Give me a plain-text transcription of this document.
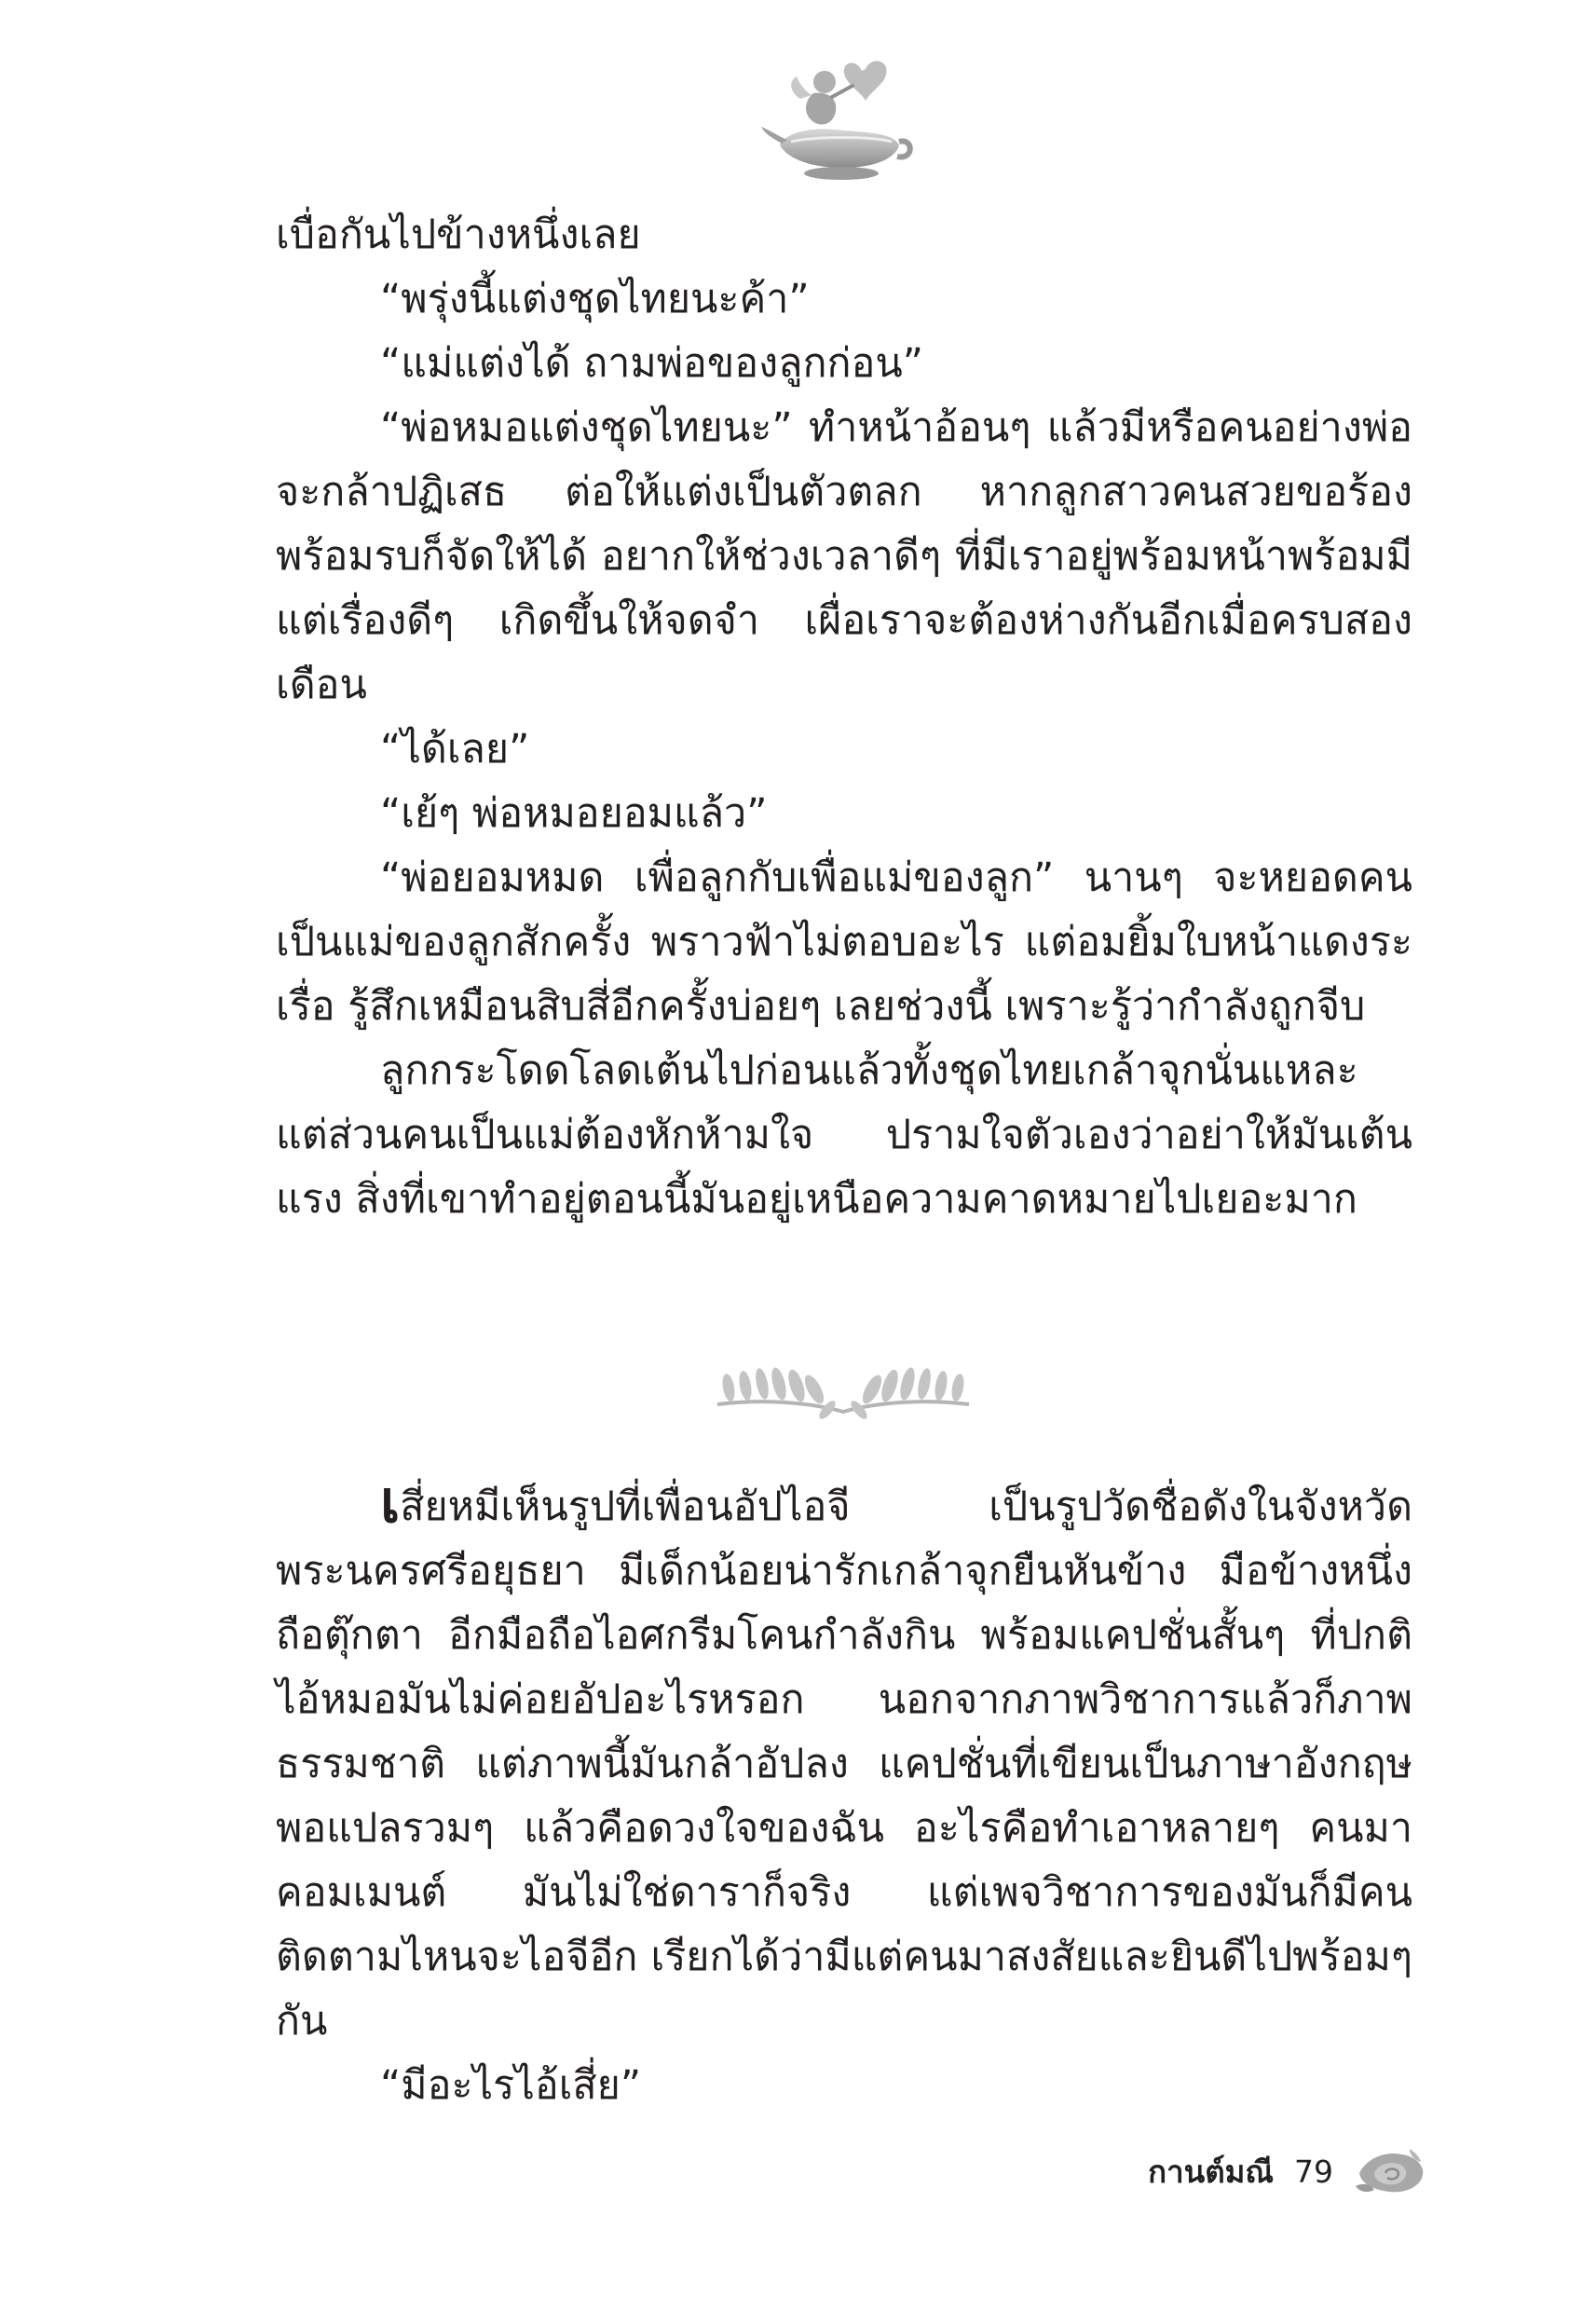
เบื่อกันไปข้างหนึ่งเลย

“พรุ่งนี้แต่งชุดไทยนะค้า”

“แม่แต่งได้ ถามพ่อของลูกก่อน”

“พ่อหมอแต่งชุดไทยนะ” ทำหน้าอ้อนๆ แล้วมีหรือคนอย่างพ่อจะกล้าปฏิเสธ ต่อให้แต่งเป็นตัวตลก หากลูกสาวคนสวยขอร้อง พร้อมรบก็จัดให้ได้ อยากให้ช่วงเวลาดีๆ ที่มีเราอยู่พร้อมหน้าพร้อมมีแต่เรื่องดีๆ เกิดขึ้นให้จดจำ เผื่อเราจะต้องห่างกันอีกเมื่อครบสองเดือน

“ได้เลย”

“เย้ๆ พ่อหมอยอมแล้ว”

“พ่อยอมหมด เพื่อลูกกับเพื่อแม่ของลูก” นานๆ จะหยอดคนเป็นแม่ของลูกสักครั้ง พราวฟ้าไม่ตอบอะไร แต่อมยิ้มใบหน้าแดงระเรื่อ รู้สึกเหมือนสิบสี่อีกครั้งบ่อยๆ เลยช่วงนี้ เพราะรู้ว่ากำลังถูกจีบ

ลูกกระโดดโลดเต้นไปก่อนแล้วทั้งชุดไทยเกล้าจุกนั่นแหละ แต่ส่วนคนเป็นแม่ต้องหักห้ามใจ ปรามใจตัวเองว่าอย่าให้มันเต้นแรง สิ่งที่เขาทำอยู่ตอนนี้มันอยู่เหนือความคาดหมายไปเยอะมาก

เสี่ยหมีเห็นรูปที่เพื่อนอัปไอจี เป็นรูปวัดชื่อดังในจังหวัดพระนครศรีอยุธยา มีเด็กน้อยน่ารักเกล้าจุกยืนหันข้าง มือข้างหนึ่งถือตุ๊กตา อีกมือถือไอศกรีมโคนกำลังกิน พร้อมแคปชั่นสั้นๆ ที่ปกติไอ้หมอมันไม่ค่อยอัปอะไรหรอก นอกจากภาพวิชาการแล้วก็ภาพธรรมชาติ แต่ภาพนี้มันกล้าอัปลง แคปชั่นที่เขียนเป็นภาษาอังกฤษพอแปลรวมๆ แล้วคือดวงใจของฉัน อะไรคือทำเอาหลายๆ คนมาคอมเมนต์ มันไม่ใช่ดาราก็จริง แต่เพจวิชาการของมันก็มีคนติดตามไหนจะไอจีอีก เรียกได้ว่ามีแต่คนมาสงสัยและยินดีไปพร้อมๆ กัน

“มีอะไรไอ้เสี่ย”

กานต์มณี 79
